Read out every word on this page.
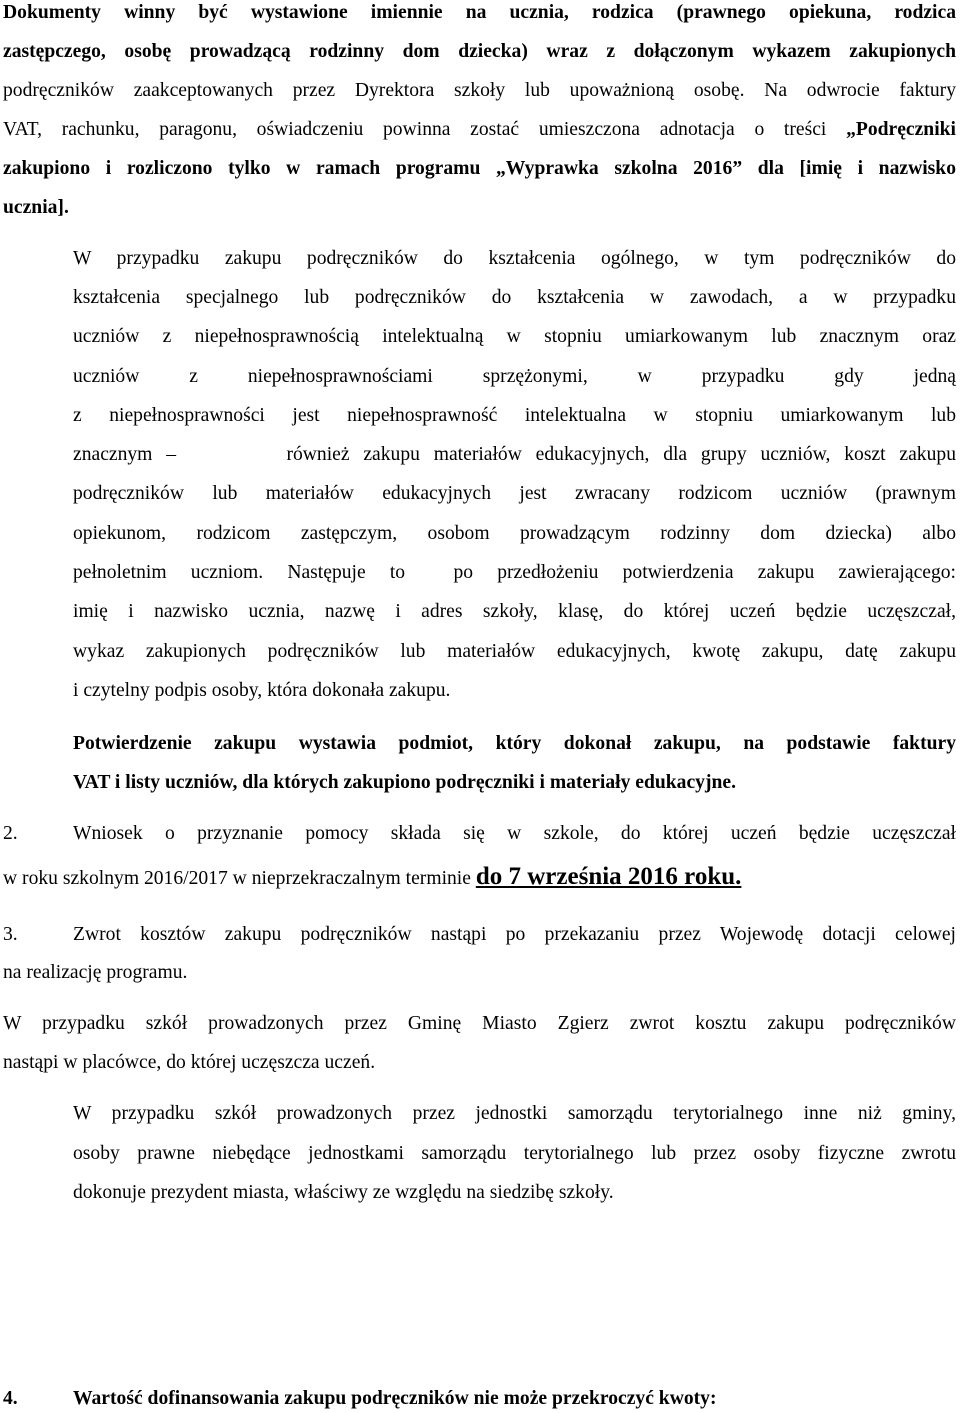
Dokumenty winny być wystawione imiennie na ucznia, rodzica (prawnego opiekuna, rodzica
zastępczego, osobę prowadzącą rodzinny dom dziecka) wraz z dołączonym wykazem zakupionych
podręczników zaakceptowanych przez Dyrektora szkoły lub upoważnioną osobę. Na odwrocie faktury
VAT, rachunku, paragonu, oświadczeniu powinna zostać umieszczona adnotacja o treści „Podręczniki
zakupiono i rozliczono tylko w ramach programu „Wyprawka szkolna 2016” dla [imię i nazwisko
ucznia].
W przypadku zakupu podręczników do kształcenia ogólnego, w tym podręczników do
kształcenia specjalnego lub podręczników do kształcenia w zawodach, a w przypadku
uczniów z niepełnosprawnością intelektualną w stopniu umiarkowanym lub znacznym oraz
uczniów z niepełnosprawnościami sprzężonymi, w przypadku gdy jedną
z niepełnosprawności jest niepełnosprawność intelektualna w stopniu umiarkowanym lub
znacznym –        również zakupu materiałów edukacyjnych, dla grupy uczniów, koszt zakupu
podręczników lub materiałów edukacyjnych jest zwracany rodzicom uczniów (prawnym
opiekunom, rodzicom zastępczym, osobom prowadzącym rodzinny dom dziecka) albo
pełnoletnim uczniom. Następuje to  po przedłożeniu potwierdzenia zakupu zawierającego:
imię i nazwisko ucznia, nazwę i adres szkoły, klasę, do której uczeń będzie uczęszczał,
wykaz zakupionych podręczników lub materiałów edukacyjnych, kwotę zakupu, datę zakupu
i czytelny podpis osoby, która dokonała zakupu.
Potwierdzenie zakupu wystawia podmiot, który dokonał zakupu, na podstawie faktury
VAT i listy uczniów, dla których zakupiono podręczniki i materiały edukacyjne.
2.	Wniosek o przyznanie pomocy składa się w szkole, do której uczeń będzie uczęszczał
w roku szkolnym 2016/2017 w nieprzekraczalnym terminie do 7 września 2016 roku.
3.	Zwrot kosztów zakupu podręczników nastąpi po przekazaniu przez Wojewodę dotacji celowej
na realizację programu.
W przypadku szkół prowadzonych przez Gminę Miasto Zgierz zwrot kosztu zakupu podręczników
nastąpi w placówce, do której uczęszcza uczeń.
W przypadku szkół prowadzonych przez jednostki samorządu terytorialnego inne niż gminy,
osoby prawne niebędące jednostkami samorządu terytorialnego lub przez osoby fizyczne zwrotu
dokonuje prezydent miasta, właściwy ze względu na siedzibę szkoły.
4.	Wartość dofinansowania zakupu podręczników nie może przekroczyć kwoty:
